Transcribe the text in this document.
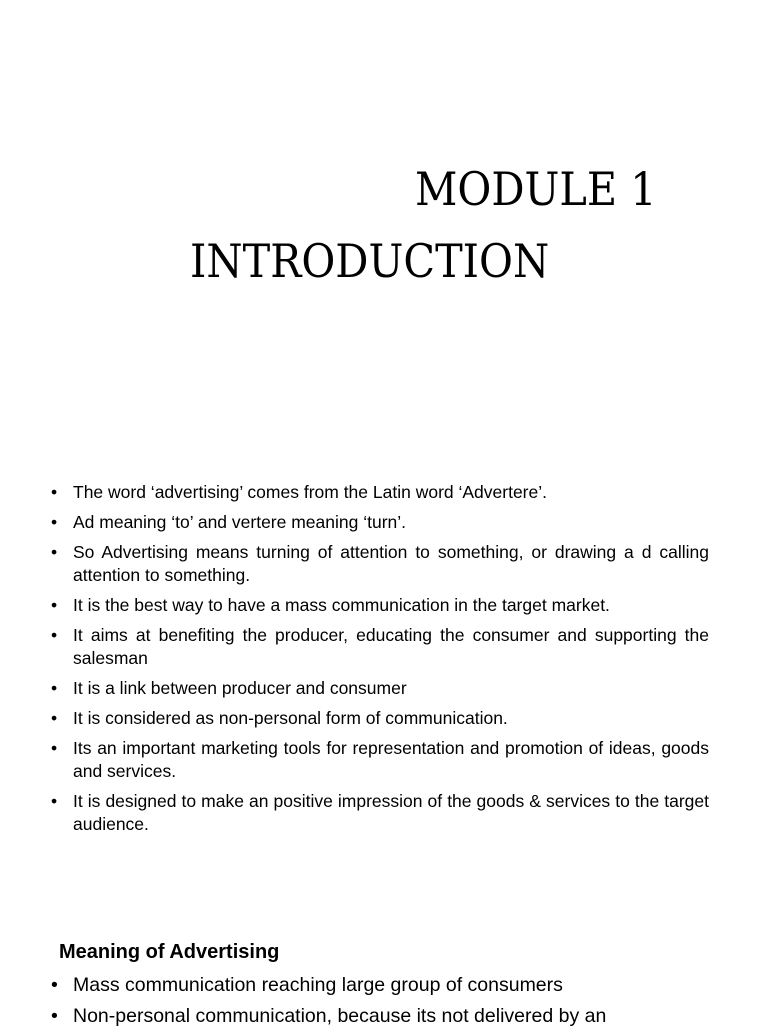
MODULE 1
INTRODUCTION
• The word ‘advertising’ comes from the Latin word ‘Advertere’.
• Ad meaning ‘to’ and vertere meaning ‘turn’.
• So Advertising means turning of attention to something, or drawing a d calling attention to something.
• It is the best way to have a mass communication in the target market.
• It aims at benefiting the producer, educating the consumer and supporting the salesman
• It is a link between producer and consumer
• It is considered as non-personal form of communication.
• Its an important marketing tools for representation and promotion of ideas, goods and services.
• It is designed to make an positive impression of the goods & services to the target audience.
Meaning of Advertising
• Mass communication reaching large group of consumers
• Non-personal communication, because its not delivered by an
